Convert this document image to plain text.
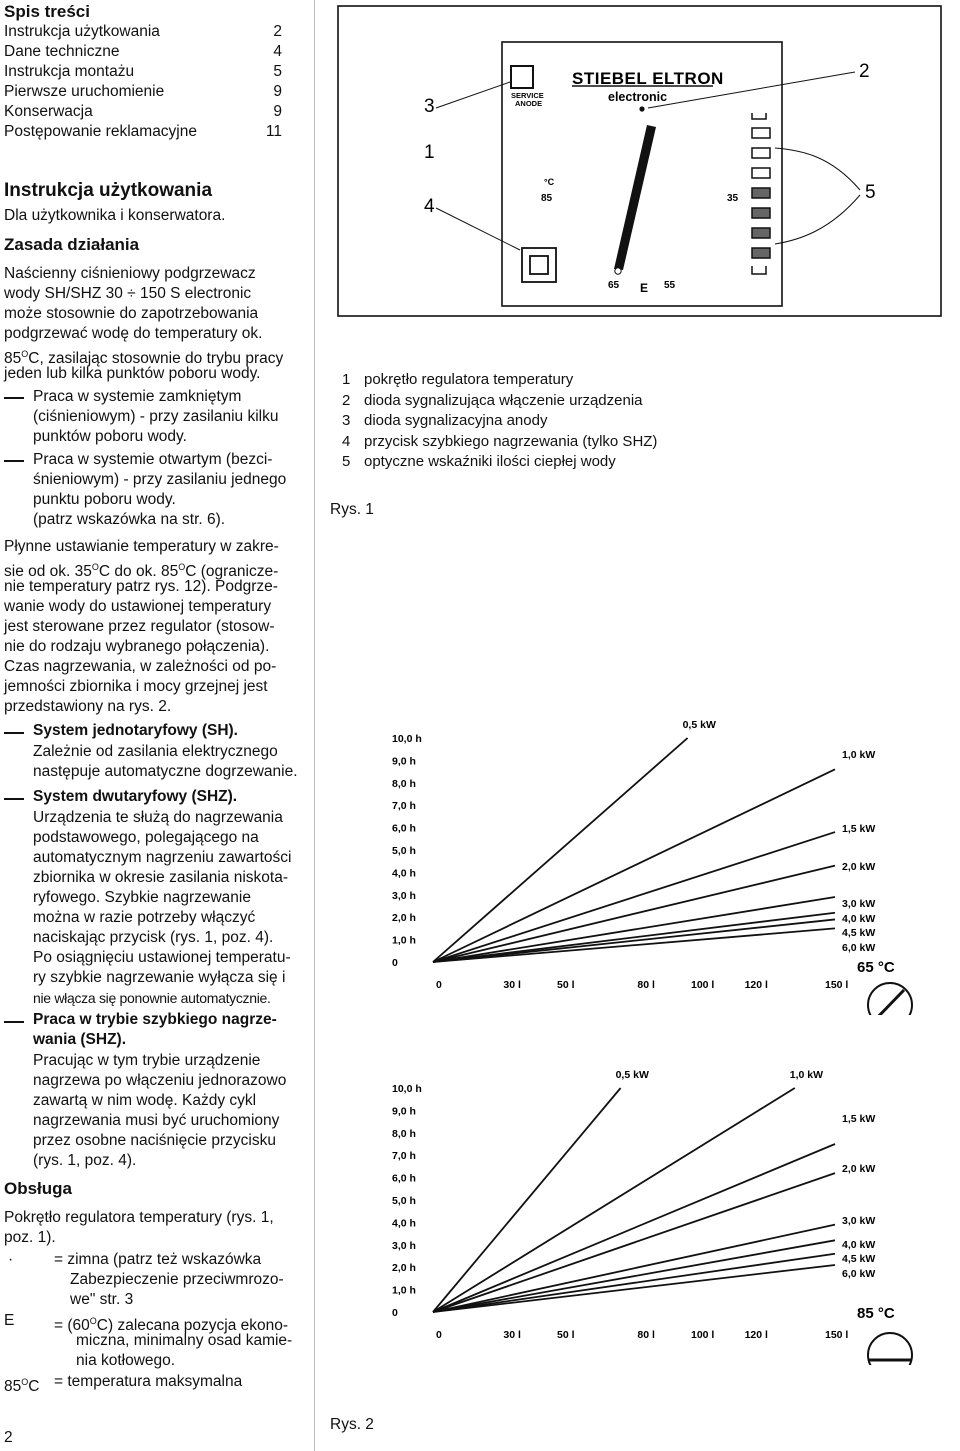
Spis treści
Instrukcja użytkowania	2
Dane techniczne	4
Instrukcja montażu	5
Pierwsze uruchomienie	9
Konserwacja	9
Postępowanie reklamacyjne	11
Instrukcja użytkowania
Dla użytkownika i konserwatora.
Zasada działania
Naścienny ciśnieniowy podgrzewacz
wody SH/SHZ 30 ÷ 150 S electronic
może stosownie do zapotrzebowania
podgrzewać wodę do temperatury ok.
$85^OC$, zasilając stosownie do trybu pracy
jeden lub kilka punktów poboru wody.
Praca w systemie zamkniętym
(ciśnieniowym) - przy zasilaniu kilku
punktów poboru wody.
Praca w systemie otwartym (bezci-
śnieniowym) - przy zasilaniu jednego
punktu poboru wody.
(patrz wskazówka na str. 6).
Płynne ustawianie temperatury w zakre-
sie od ok. $35^OC$ do ok. $85^OC$ (ogranicze-
nie temperatury patrz rys. 12). Podgrze-
wanie wody do ustawionej temperatury
jest sterowane przez regulator (stosow-
nie do rodzaju wybranego połączenia).
Czas nagrzewania, w zależności od po-
jemności zbiornika i mocy grzejnej jest
przedstawiony na rys. 2.
System jednotaryfowy (SH).
Zależnie od zasilania elektrycznego
następuje automatyczne dogrzewanie.
System dwutaryfowy (SHZ).
Urządzenia te służą do nagrzewania
podstawowego, polegającego na
automatycznym nagrzeniu zawartości
zbiornika w okresie zasilania niskota-
ryfowego. Szybkie nagrzewanie
można w razie potrzeby włączyć
naciskając przycisk (rys. 1, poz. 4).
Po osiągnięciu ustawionej temperatu-
ry szybkie nagrzewanie wyłącza się i
nie włącza się ponownie automatycznie.
Praca w trybie szybkiego nagrze-
wania (SHZ).
Pracując w tym trybie urządzenie
nagrzewa po włączeniu jednorazowo
zawartą w nim wodę. Każdy cykl
nagrzewania musi być uruchomiony
przez osobne naciśnięcie przycisku
(rys. 1, poz. 4).
Obsługa
Pokrętło regulatora temperatury (rys. 1,
poz. 1).
·	= zimna (patrz też wskazówka
Zabezpieczenie przeciwmrozo-
we" str. 3
E	= $(60^OC)$ zalecana pozycja ekono-
miczna, minimalny osad kamie-
nia kotłowego.
$85^OC$ = temperatura maksymalna
2
SERVICE
ANODE
STIEBEL ELTRON
electronic
°C
85
65 E 55
35
3
1
4
2
5
1 pokrętło regulatora temperatury
2 dioda sygnalizująca włączenie urządzenia
3 dioda sygnalizacyjna anody
4 przycisk szybkiego nagrzewania (tylko SHZ)
5 optyczne wskaźniki ilości ciepłej wody
Rys. 1
10,0 h
9,0 h
8,0 h
7,0 h
6,0 h
5,0 h
4,0 h
3,0 h
2,0 h
1,0 h
0
0	30 l	50 l	80 l	100 l	120 l	150 l
0,5 kW
1,0 kW
1,5 kW
2,0 kW
3,0 kW
4,0 kW
4,5 kW
6,0 kW
65 °C
10,0 h
9,0 h
8,0 h
7,0 h
6,0 h
5,0 h
4,0 h
3,0 h
2,0 h
1,0 h
0
0	30 l	50 l	80 l	100 l	120 l	150 l
0,5 kW	1,0 kW
1,5 kW
2,0 kW
3,0 kW
4,0 kW
4,5 kW
6,0 kW
85 °C
Rys. 2
